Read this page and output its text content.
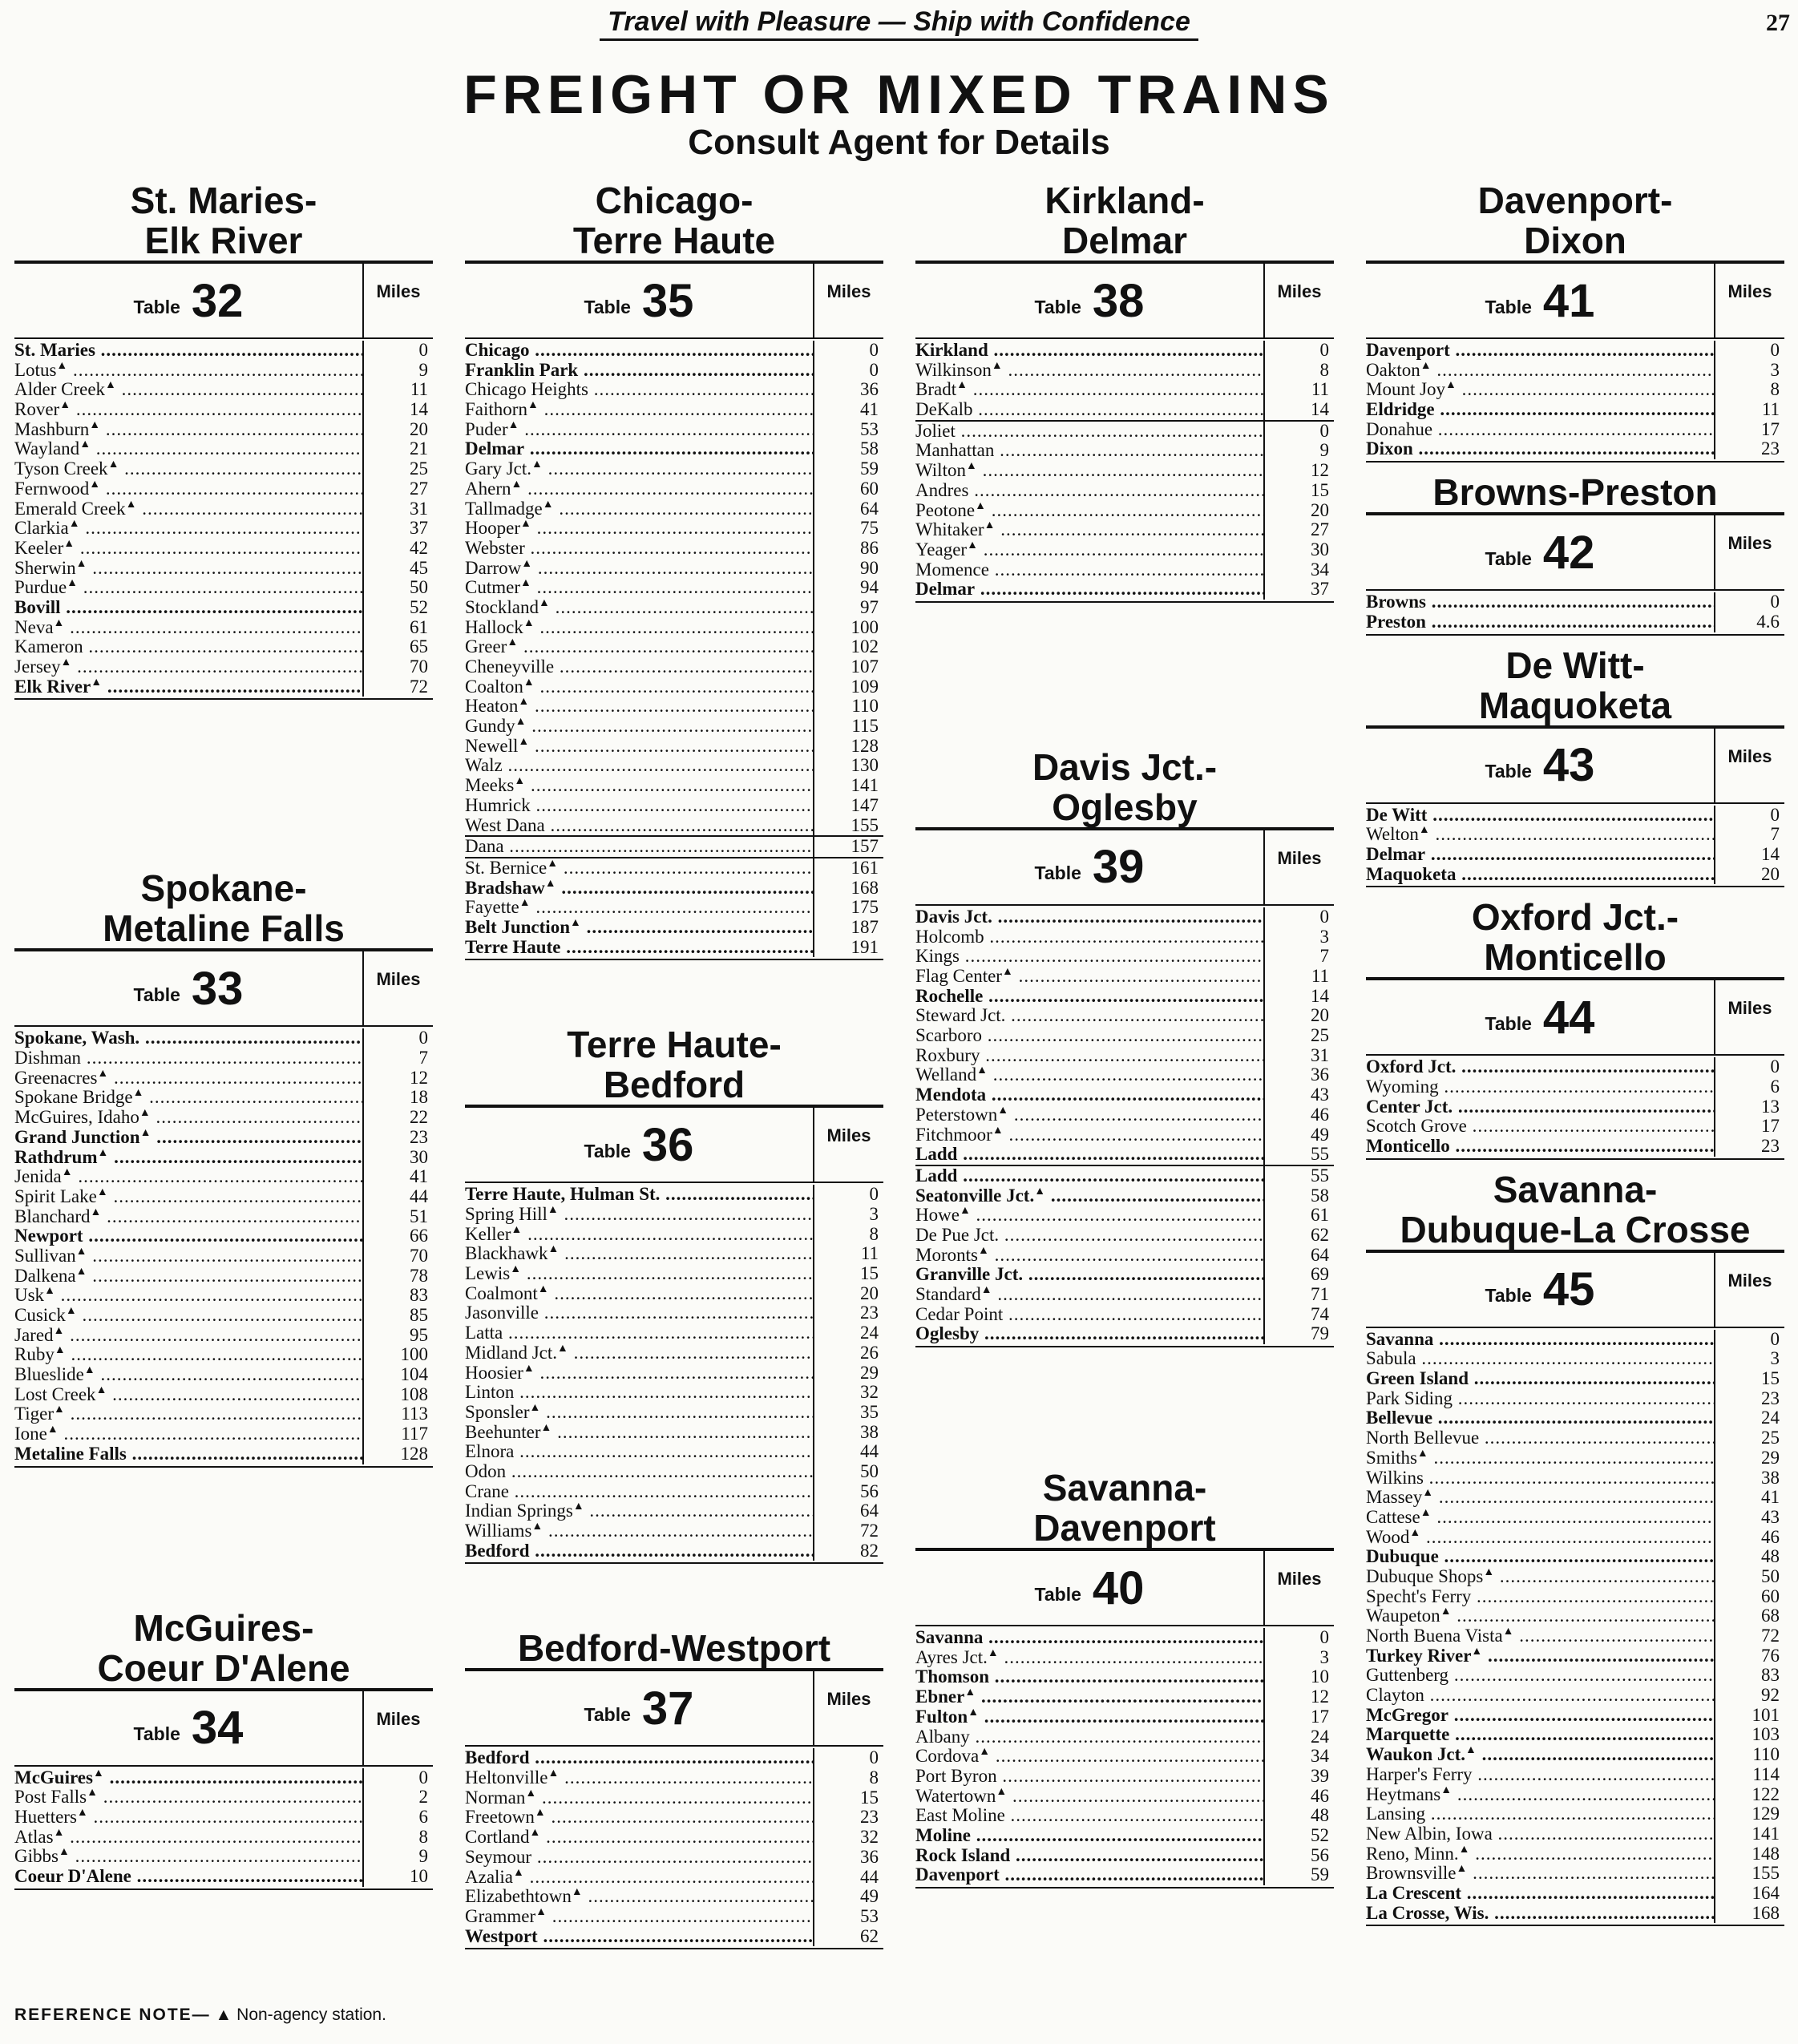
Travel with Pleasure — Ship with Confidence	27
FREIGHT OR MIXED TRAINS
Consult Agent for Details
St. Maries-
Elk River
Table 32	Miles
St. Maries .....	0
Lotus▲ .....	9
Alder Creek▲ .....	11
Rover▲ .....	14
Mashburn▲ .....	20
Wayland▲ .....	21
Tyson Creek▲ .....	25
Fernwood▲ .....	27
Emerald Creek▲ .....	31
Clarkia▲ .....	37
Keeler▲ .....	42
Sherwin▲ .....	45
Purdue▲ .....	50
Bovill .....	52
Neva▲ .....	61
Kameron .....	65
Jersey▲ .....	70
Elk River▲ .....	72
Spokane-
Metaline Falls
Table 33	Miles
Spokane, Wash. .....	0
Dishman .....	7
Greenacres▲ .....	12
Spokane Bridge▲ .....	18
McGuires, Idaho▲ .....	22
Grand Junction▲ .....	23
Rathdrum▲ .....	30
Jenida▲ .....	41
Spirit Lake▲ .....	44
Blanchard▲ .....	51
Newport .....	66
Sullivan▲ .....	70
Dalkena▲ .....	78
Usk▲ .....	83
Cusick▲ .....	85
Jared▲ .....	95
Ruby▲ .....	100
Blueslide▲ .....	104
Lost Creek▲ .....	108
Tiger▲ .....	113
Ione▲ .....	117
Metaline Falls .....	128
McGuires-
Coeur D'Alene
Table 34	Miles
McGuires▲ .....	0
Post Falls▲ .....	2
Huetters▲ .....	6
Atlas▲ .....	8
Gibbs▲ .....	9
Coeur D'Alene .....	10
Chicago-
Terre Haute
Table 35	Miles
Chicago .....	0
Franklin Park .....	0
Chicago Heights .....	36
Faithorn▲ .....	41
Puder▲ .....	53
Delmar .....	58
Gary Jct.▲ .....	59
Ahern▲ .....	60
Tallmadge▲ .....	64
Hooper▲ .....	75
Webster .....	86
Darrow▲ .....	90
Cutmer▲ .....	94
Stockland▲ .....	97
Hallock▲ .....	100
Greer▲ .....	102
Cheneyville .....	107
Coalton▲ .....	109
Heaton▲ .....	110
Gundy▲ .....	115
Newell▲ .....	128
Walz .....	130
Meeks▲ .....	141
Humrick .....	147
West Dana .....	155
Dana .....	157
St. Bernice▲ .....	161
Bradshaw▲ .....	168
Fayette▲ .....	175
Belt Junction▲ .....	187
Terre Haute .....	191
Terre Haute-
Bedford
Table 36	Miles
Terre Haute, Hulman St. .....	0
Spring Hill▲ .....	3
Keller▲ .....	8
Blackhawk▲ .....	11
Lewis▲ .....	15
Coalmont▲ .....	20
Jasonville .....	23
Latta .....	24
Midland Jct.▲ .....	26
Hoosier▲ .....	29
Linton .....	32
Sponsler▲ .....	35
Beehunter▲ .....	38
Elnora .....	44
Odon .....	50
Crane .....	56
Indian Springs▲ .....	64
Williams▲ .....	72
Bedford .....	82
Bedford-Westport
Table 37	Miles
Bedford .....	0
Heltonville▲ .....	8
Norman▲ .....	15
Freetown▲ .....	23
Cortland▲ .....	32
Seymour .....	36
Azalia▲ .....	44
Elizabethtown▲ .....	49
Grammer▲ .....	53
Westport .....	62
Kirkland-
Delmar
Table 38	Miles
Kirkland .....	0
Wilkinson▲ .....	8
Bradt▲ .....	11
DeKalb .....	14
Joliet .....	0
Manhattan .....	9
Wilton▲ .....	12
Andres .....	15
Peotone▲ .....	20
Whitaker▲ .....	27
Yeager▲ .....	30
Momence .....	34
Delmar .....	37
Davis Jct.-
Oglesby
Table 39	Miles
Davis Jct. .....	0
Holcomb .....	3
Kings .....	7
Flag Center▲ .....	11
Rochelle .....	14
Steward Jct. .....	20
Scarboro .....	25
Roxbury .....	31
Welland▲ .....	36
Mendota .....	43
Peterstown▲ .....	46
Fitchmoor▲ .....	49
Ladd .....	55
Ladd .....	55
Seatonville Jct.▲ .....	58
Howe▲ .....	61
De Pue Jct. .....	62
Moronts▲ .....	64
Granville Jct. .....	69
Standard▲ .....	71
Cedar Point .....	74
Oglesby .....	79
Savanna-
Davenport
Table 40	Miles
Savanna .....	0
Ayres Jct.▲ .....	3
Thomson .....	10
Ebner▲ .....	12
Fulton▲ .....	17
Albany .....	24
Cordova▲ .....	34
Port Byron .....	39
Watertown▲ .....	46
East Moline .....	48
Moline .....	52
Rock Island .....	56
Davenport .....	59
Davenport-
Dixon
Table 41	Miles
Davenport .....	0
Oakton▲ .....	3
Mount Joy▲ .....	8
Eldridge .....	11
Donahue .....	17
Dixon .....	23
Browns-Preston
Table 42	Miles
Browns .....	0
Preston .....	4.6
De Witt-
Maquoketa
Table 43	Miles
De Witt .....	0
Welton▲ .....	7
Delmar .....	14
Maquoketa .....	20
Oxford Jct.-
Monticello
Table 44	Miles
Oxford Jct. .....	0
Wyoming .....	6
Center Jct. .....	13
Scotch Grove .....	17
Monticello .....	23
Savanna-
Dubuque-La Crosse
Table 45	Miles
Savanna .....	0
Sabula .....	3
Green Island .....	15
Park Siding .....	23
Bellevue .....	24
North Bellevue .....	25
Smiths▲ .....	29
Wilkins .....	38
Massey▲ .....	41
Cattese▲ .....	43
Wood▲ .....	46
Dubuque .....	48
Dubuque Shops▲ .....	50
Specht's Ferry .....	60
Waupeton▲ .....	68
North Buena Vista▲ .....	72
Turkey River▲ .....	76
Guttenberg .....	83
Clayton .....	92
McGregor .....	101
Marquette .....	103
Waukon Jct.▲ .....	110
Harper's Ferry .....	114
Heytmans▲ .....	122
Lansing .....	129
New Albin, Iowa .....	141
Reno, Minn.▲ .....	148
Brownsville▲ .....	155
La Crescent .....	164
La Crosse, Wis. .....	168
REFERENCE NOTE— ▲ Non-agency station.
